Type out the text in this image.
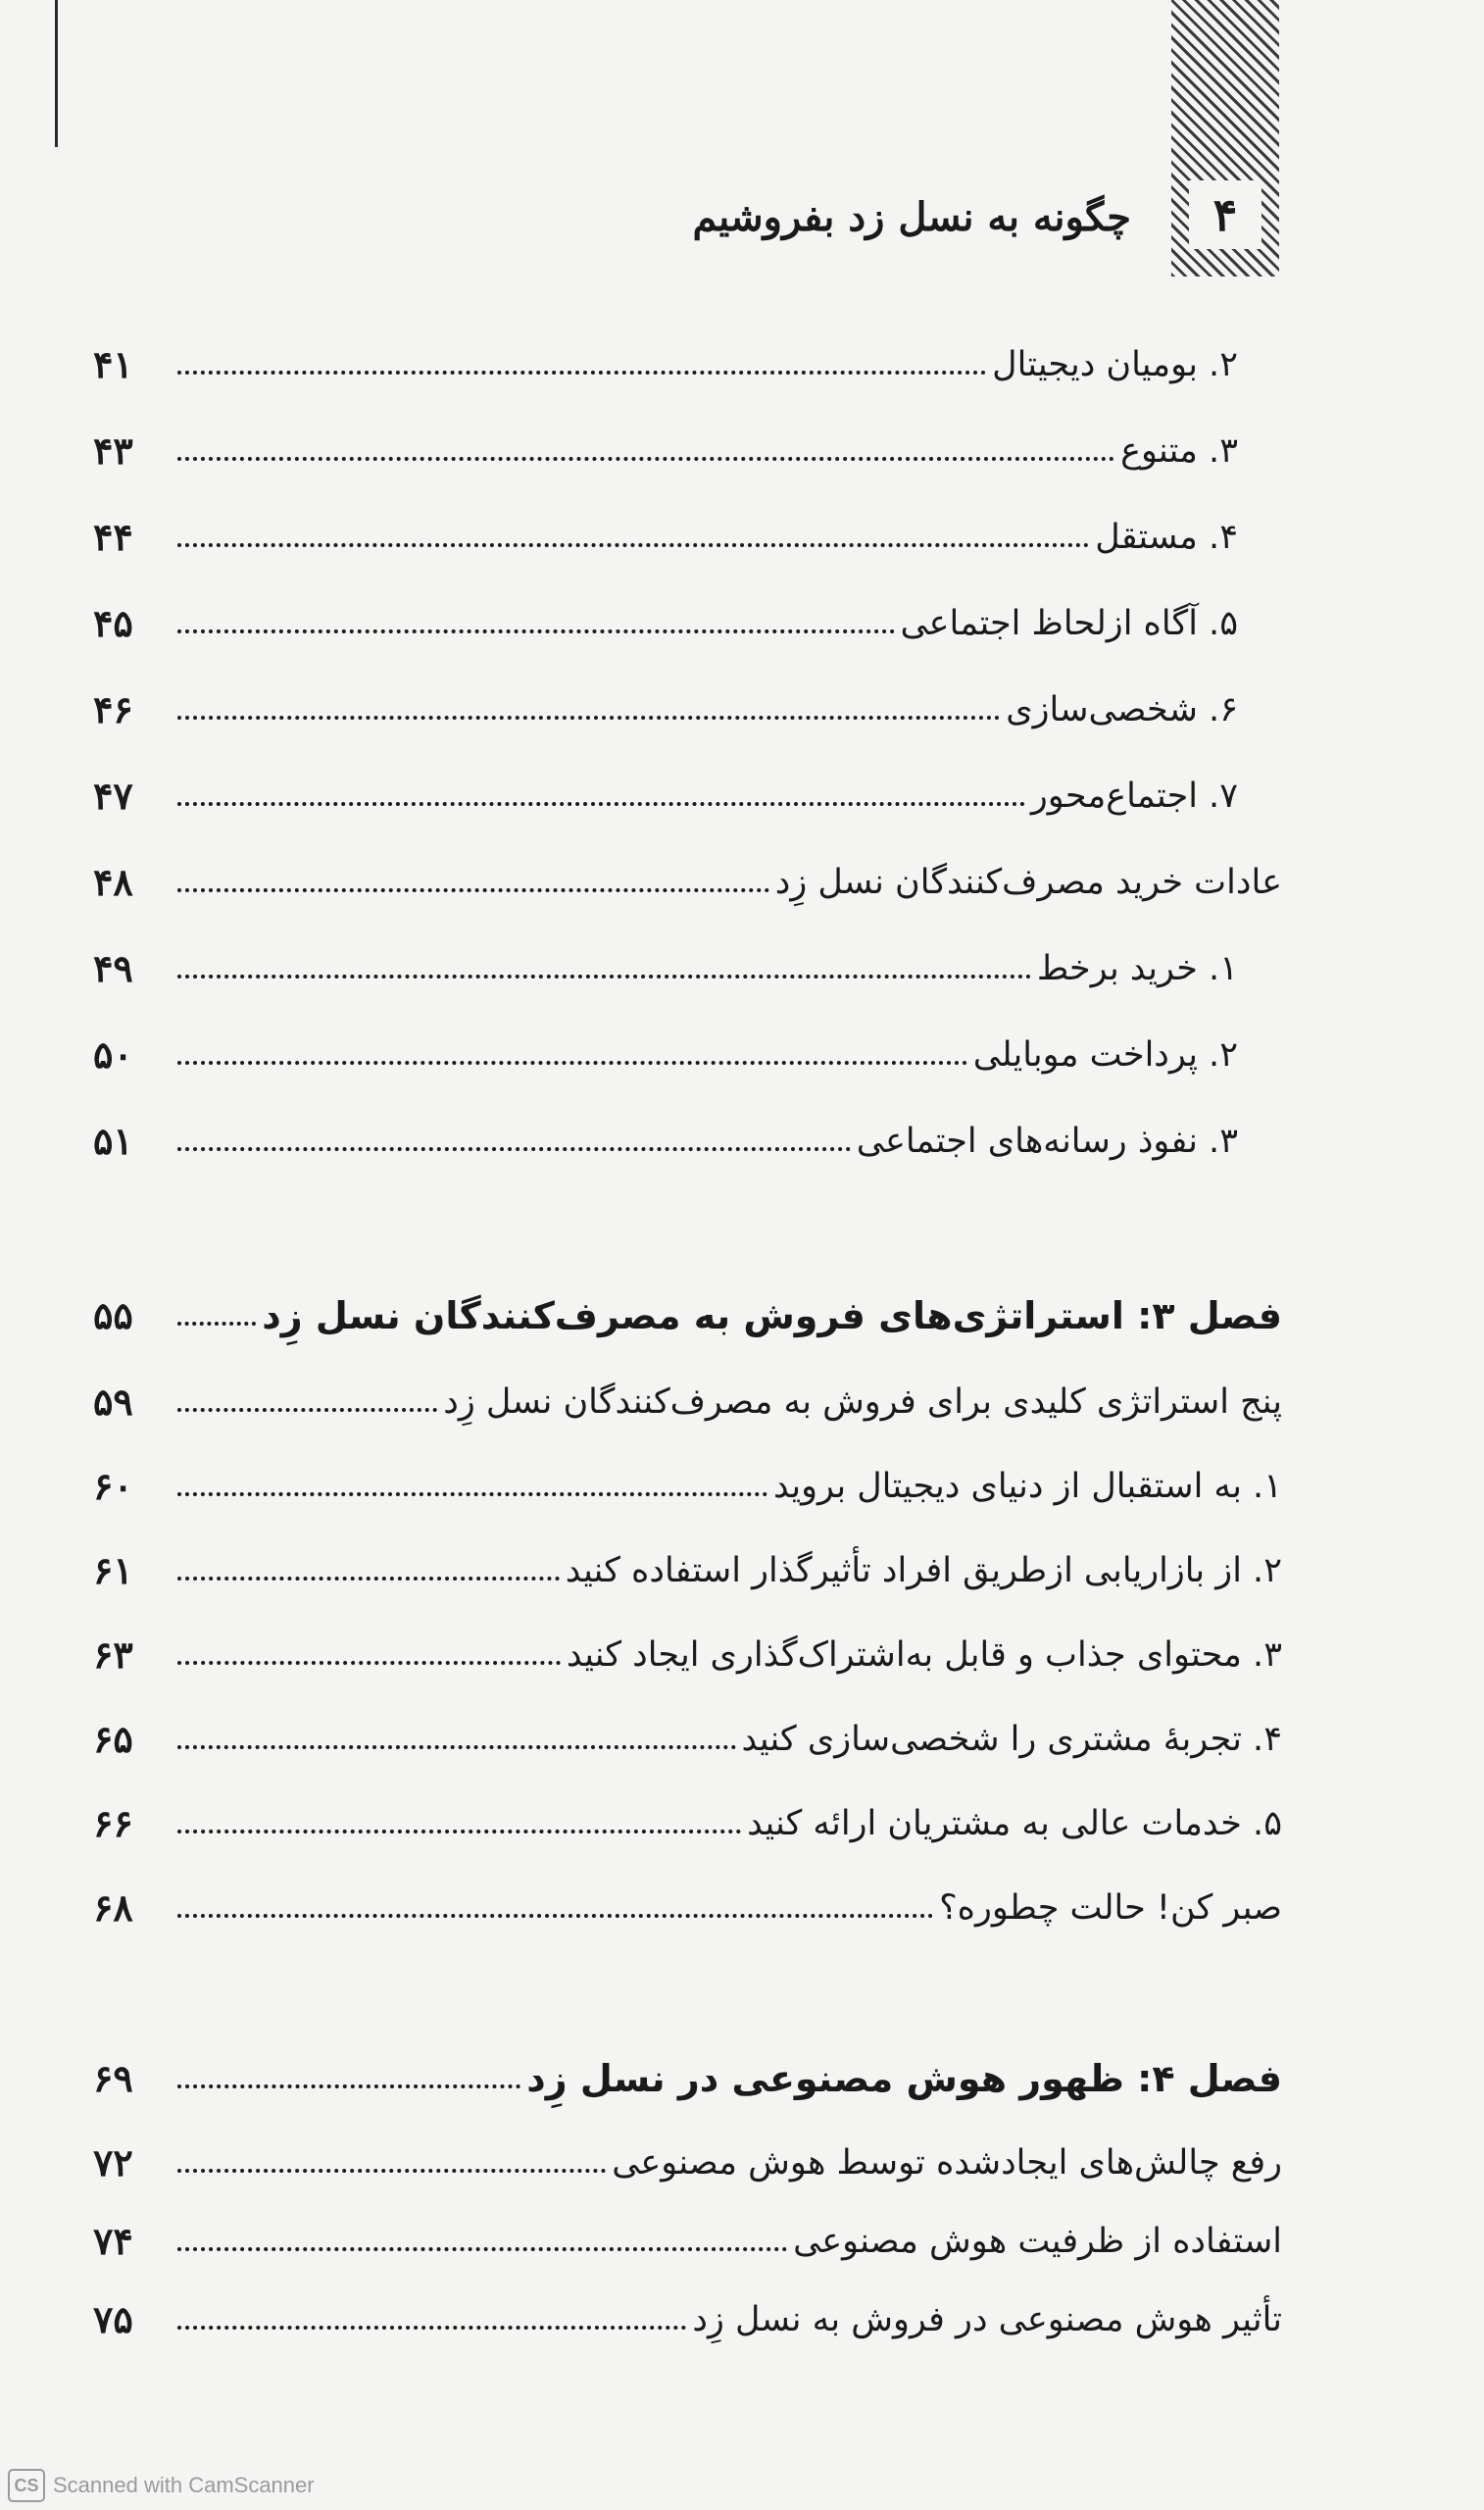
۴
چگونه به نسل زد بفروشیم
۲. بومیان دیجیتال
۴۱
۳. متنوع
۴۳
۴. مستقل
۴۴
۵. آگاه ازلحاظ اجتماعی
۴۵
۶. شخصی‌سازی
۴۶
۷. اجتماع‌محور
۴۷
عادات خرید مصرف‌کنندگان نسل زِد
۴۸
۱. خرید برخط
۴۹
۲. پرداخت موبایلی
۵۰
۳. نفوذ رسانه‌های اجتماعی
۵۱
فصل ۳: استراتژی‌های فروش به مصرف‌کنندگان نسل زِد
۵۵
پنج استراتژی کلیدی برای فروش به مصرف‌کنندگان نسل زِد
۵۹
۱. به استقبال از دنیای دیجیتال بروید
۶۰
۲. از بازاریابی ازطریق افراد تأثیرگذار استفاده کنید
۶۱
۳. محتوای جذاب و قابل به‌اشتراک‌گذاری ایجاد کنید
۶۳
۴. تجربهٔ مشتری را شخصی‌سازی کنید
۶۵
۵. خدمات عالی به مشتریان ارائه کنید
۶۶
صبر کن! حالت چطوره؟
۶۸
فصل ۴: ظهور هوش مصنوعی در نسل زِد
۶۹
رفع چالش‌های ایجادشده توسط هوش مصنوعی
۷۲
استفاده از ظرفیت هوش مصنوعی
۷۴
تأثیر هوش مصنوعی در فروش به نسل زِد
۷۵
CS Scanned with CamScanner
